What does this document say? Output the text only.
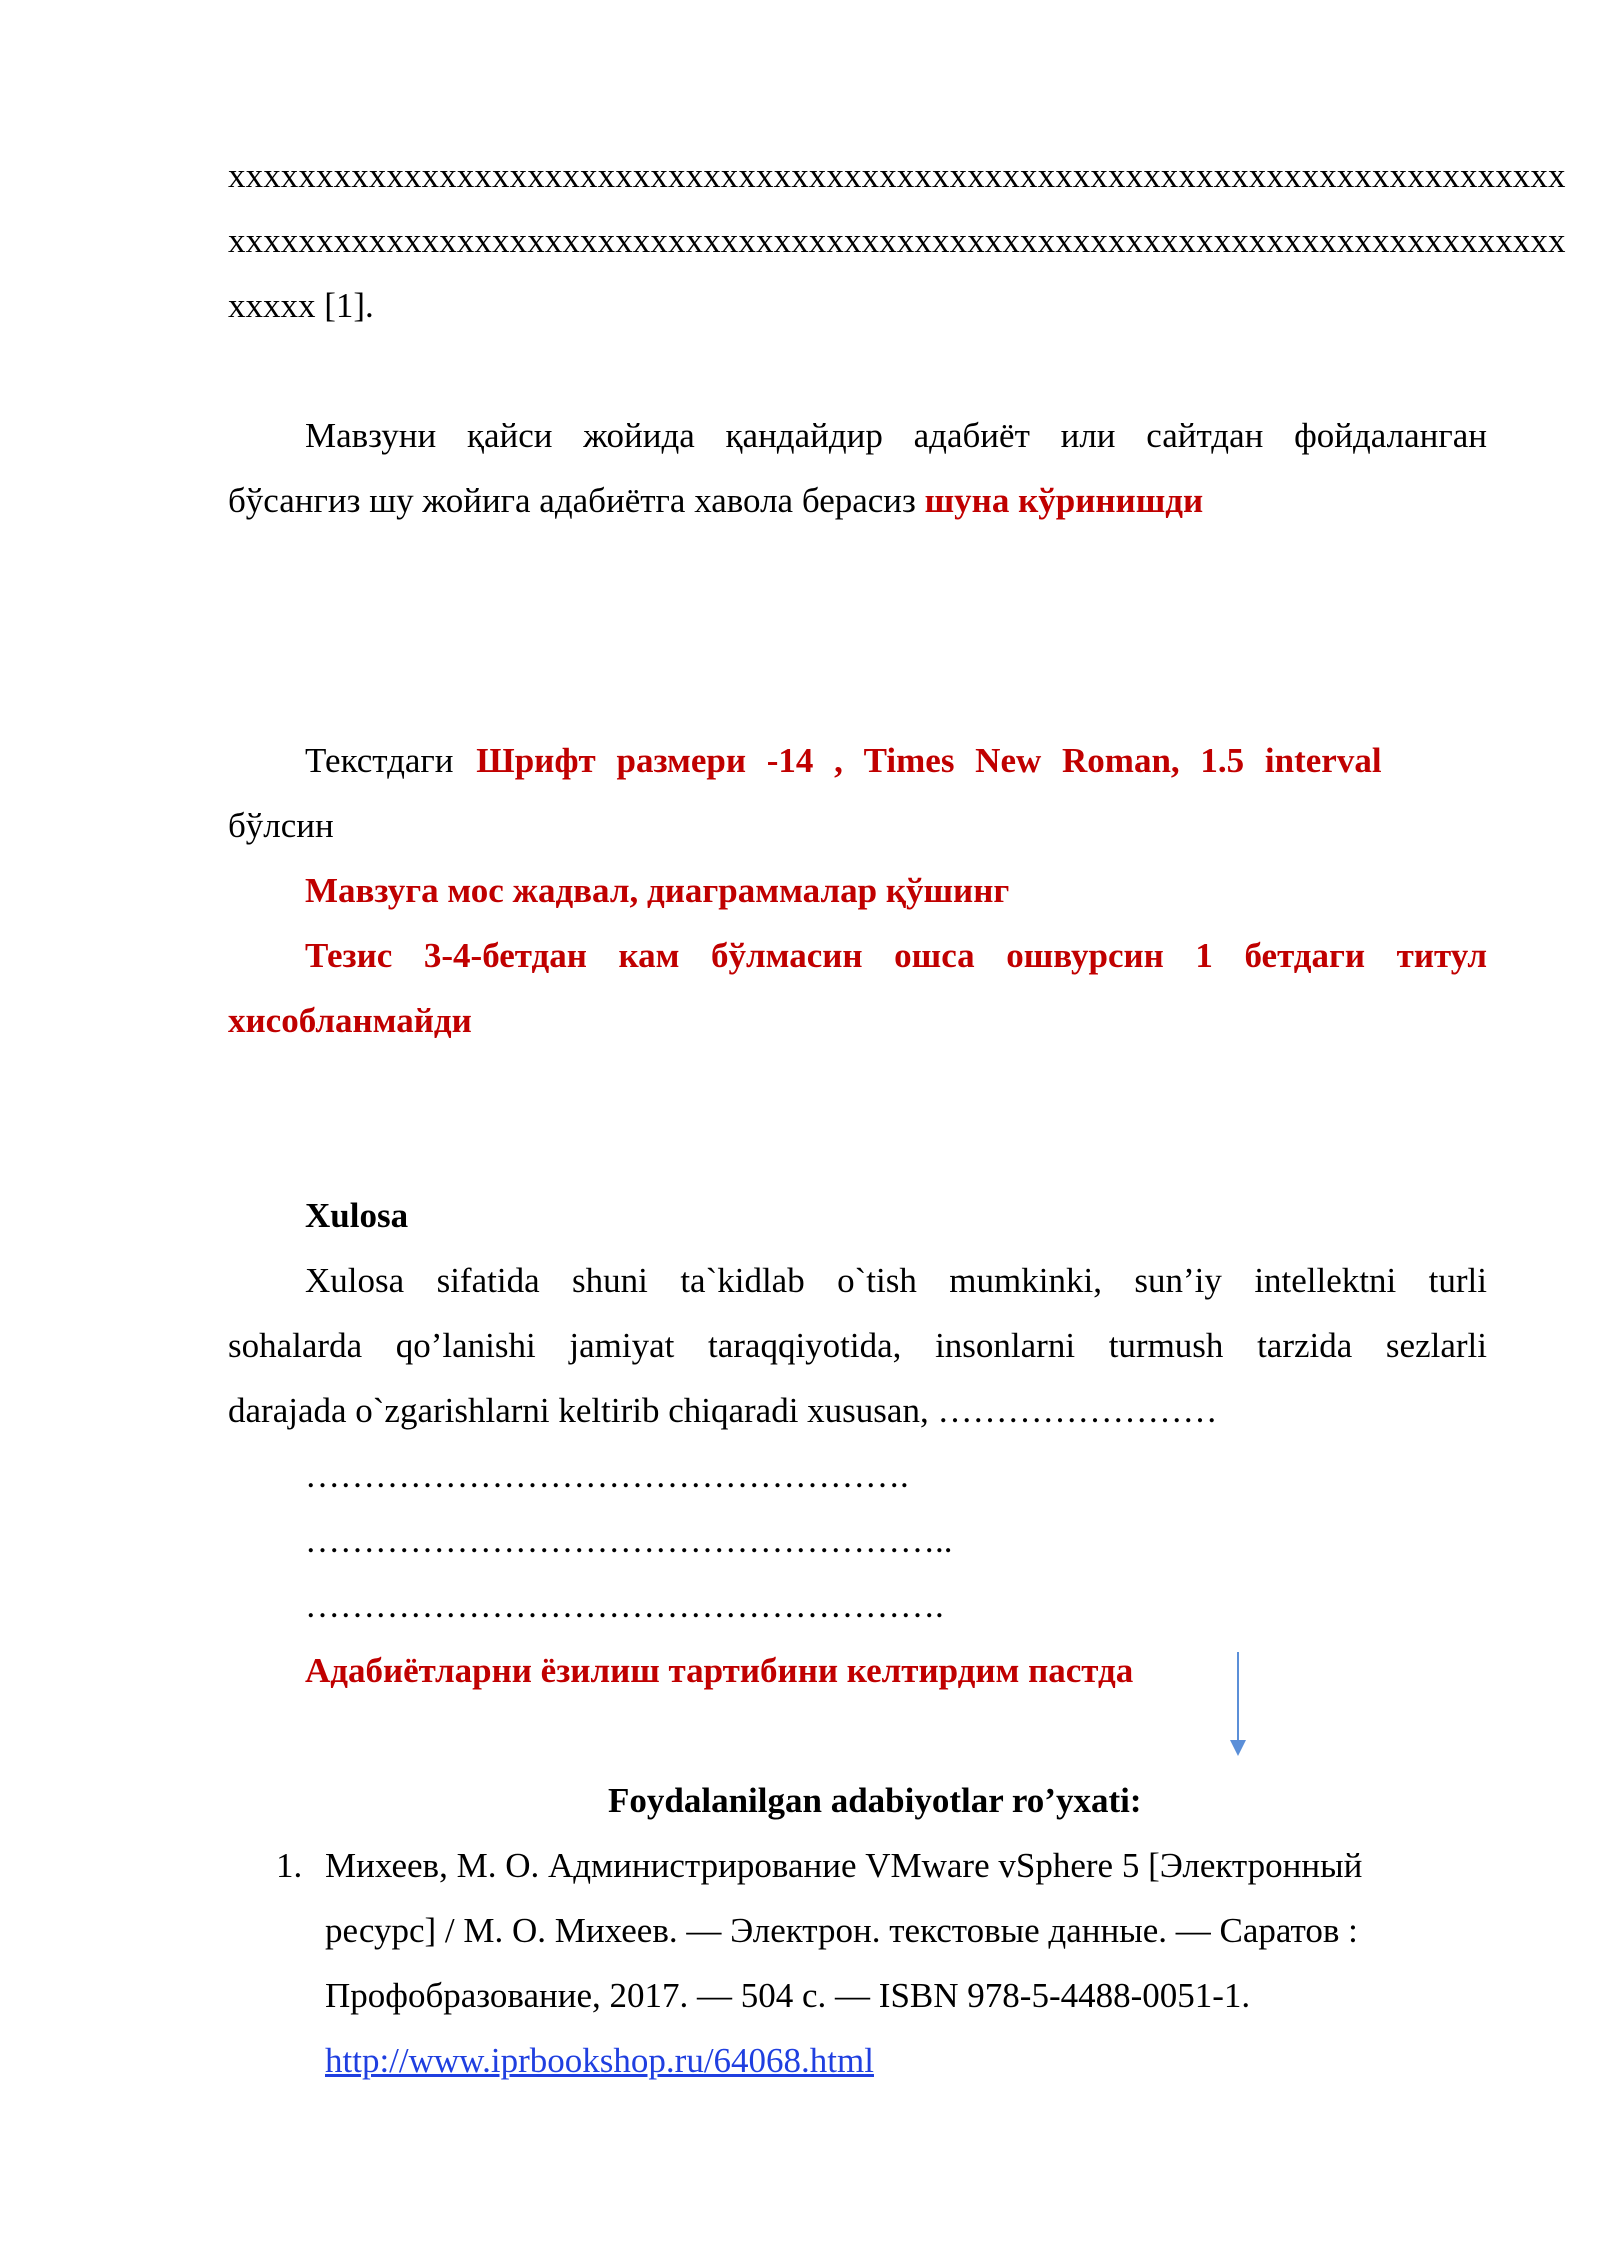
xxxxxxxxxxxxxxxxxxxxxxxxxxxxxxxxxxxxxxxxxxxxxxxxxxxxxxxxxxxxxxxxxxxxxxxxxxxx
xxxxxxxxxxxxxxxxxxxxxxxxxxxxxxxxxxxxxxxxxxxxxxxxxxxxxxxxxxxxxxxxxxxxxxxxxxxx
xxxxx [1].
Мавзуни қайси жойида қандайдир адабиёт или сайтдан фойдаланган
бўсангиз шу жойига адабиётга хавола берасиз шуна кўринишди
Текстдаги Шрифт размери -14 , Times New Roman, 1.5 interval
бўлсин
Мавзуга мос жадвал, диаграммалар қўшинг
Тезис 3-4-бетдан кам бўлмасин ошса ошвурсин 1 бетдаги титул
хисобланмайди
Xulosa
Xulosa sifatida shuni ta`kidlab o`tish mumkinki, sun’iy intellektni turli
sohalarda qo’lanishi jamiyat taraqqiyotida, insonlarni turmush tarzida sezlarli
darajada o`zgarishlarni keltirib chiqaradi xususan, ……………………
…………………………………………….
………………………………………………..
……………………………………………….
Адабиётларни ёзилиш тартибини келтирдим пастда
Foydalanilgan adabiyotlar ro’yxati:
1. Михеев, М. О. Администрирование VMware vSphere 5 [Электронный
ресурс] / М. О. Михеев. — Электрон. текстовые данные. — Саратов :
Профобразование, 2017. — 504 c. — ISBN 978-5-4488-0051-1.
http://www.iprbookshop.ru/64068.html
